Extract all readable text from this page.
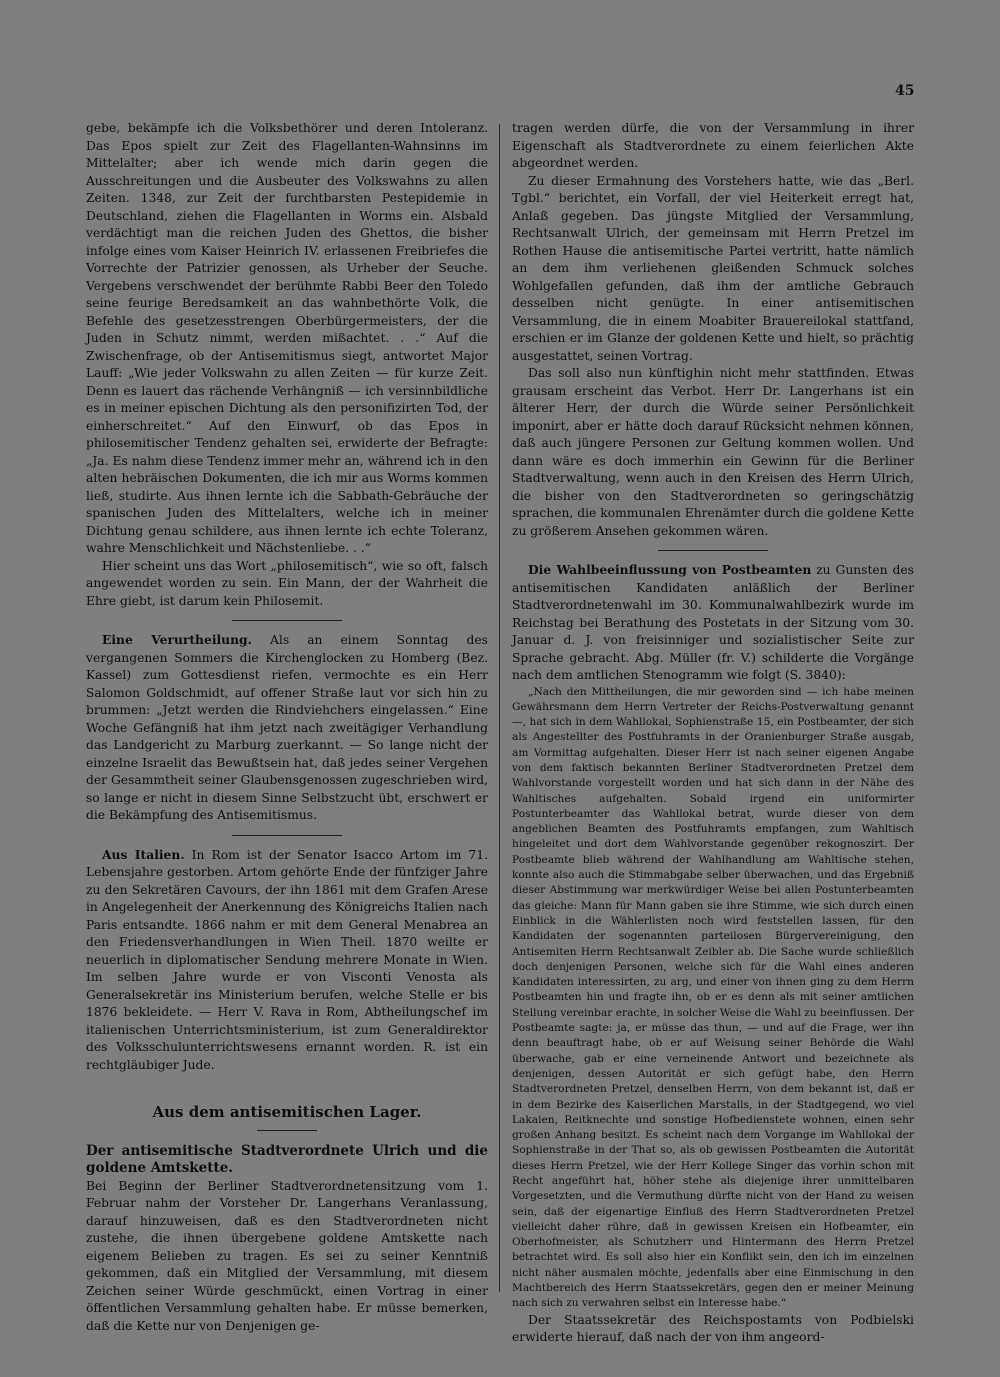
45

gebe, bekämpfe ich die Volksbethörer und deren Intoleranz. Das Epos spielt zur Zeit des Flagellanten-Wahnsinns im Mittelalter; aber ich wende mich darin gegen die Ausschreitungen und die Ausbeuter des Volkswahns zu allen Zeiten. 1348, zur Zeit der furchtbarsten Pestepidemie in Deutschland, ziehen die Flagellanten in Worms ein. Alsbald verdächtigt man die reichen Juden des Ghettos, die bisher infolge eines vom Kaiser Heinrich IV. erlassenen Freibriefes die Vorrechte der Patrizier genossen, als Urheber der Seuche. Vergebens verschwendet der berühmte Rabbi Beer den Toledo seine feurige Beredsamkeit an das wahnbethörte Volk, die Befehle des gesetzesstrengen Oberbürgermeisters, der die Juden in Schutz nimmt, werden mißachtet. . .“ Auf die Zwischenfrage, ob der Antisemitismus siegt, antwortet Major Lauff: „Wie jeder Volkswahn zu allen Zeiten — für kurze Zeit. Denn es lauert das rächende Verhängniß — ich versinnbildliche es in meiner epischen Dichtung als den personifizirten Tod, der einherschreitet.“ Auf den Einwurf, ob das Epos in philosemitischer Tendenz gehalten sei, erwiderte der Befragte: „Ja. Es nahm diese Tendenz immer mehr an, während ich in den alten hebräischen Dokumenten, die ich mir aus Worms kommen ließ, studirte. Aus ihnen lernte ich die Sabbath-Gebräuche der spanischen Juden des Mittelalters, welche ich in meiner Dichtung genau schildere, aus ihnen lernte ich echte Toleranz, wahre Menschlichkeit und Nächstenliebe. . .“

Hier scheint uns das Wort „philosemitisch“, wie so oft, falsch angewendet worden zu sein. Ein Mann, der der Wahrheit die Ehre giebt, ist darum kein Philosemit.

Eine Verurtheilung. Als an einem Sonntag des vergangenen Sommers die Kirchenglocken zu Homberg (Bez. Kassel) zum Gottesdienst riefen, vermochte es ein Herr Salomon Goldschmidt, auf offener Straße laut vor sich hin zu brummen: „Jetzt werden die Rindviehchers eingelassen.“ Eine Woche Gefängniß hat ihm jetzt nach zweitägiger Verhandlung das Landgericht zu Marburg zuerkannt. — So lange nicht der einzelne Israelit das Bewußtsein hat, daß jedes seiner Vergehen der Gesammtheit seiner Glaubensgenossen zugeschrieben wird, so lange er nicht in diesem Sinne Selbstzucht übt, erschwert er die Bekämpfung des Antisemitismus.

Aus Italien. In Rom ist der Senator Isacco Artom im 71. Lebensjahre gestorben. Artom gehörte Ende der fünfziger Jahre zu den Sekretären Cavours, der ihn 1861 mit dem Grafen Arese in Angelegenheit der Anerkennung des Königreichs Italien nach Paris entsandte. 1866 nahm er mit dem General Menabrea an den Friedensverhandlungen in Wien Theil. 1870 weilte er neuerlich in diplomatischer Sendung mehrere Monate in Wien. Im selben Jahre wurde er von Visconti Venosta als Generalsekretär ins Ministerium berufen, welche Stelle er bis 1876 bekleidete. — Herr V. Rava in Rom, Abtheilungschef im italienischen Unterrichtsministerium, ist zum Generaldirektor des Volksschulunterrichtswesens ernannt worden. R. ist ein rechtgläubiger Jude.

Aus dem antisemitischen Lager.

Der antisemitische Stadtverordnete Ulrich und die goldene Amtskette.

Bei Beginn der Berliner Stadtverordnetensitzung vom 1. Februar nahm der Vorsteher Dr. Langerhans Veranlassung, darauf hinzuweisen, daß es den Stadtverordneten nicht zustehe, die ihnen übergebene goldene Amtskette nach eigenem Belieben zu tragen. Es sei zu seiner Kenntniß gekommen, daß ein Mitglied der Versammlung, mit diesem Zeichen seiner Würde geschmückt, einen Vortrag in einer öffentlichen Versammlung gehalten habe. Er müsse bemerken, daß die Kette nur von Denjenigen ge-

tragen werden dürfe, die von der Versammlung in ihrer Eigenschaft als Stadtverordnete zu einem feierlichen Akte abgeordnet werden.

Zu dieser Ermahnung des Vorstehers hatte, wie das „Berl. Tgbl.“ berichtet, ein Vorfall, der viel Heiterkeit erregt hat, Anlaß gegeben. Das jüngste Mitglied der Versammlung, Rechtsanwalt Ulrich, der gemeinsam mit Herrn Pretzel im Rothen Hause die antisemitische Partei vertritt, hatte nämlich an dem ihm verliehenen gleißenden Schmuck solches Wohlgefallen gefunden, daß ihm der amtliche Gebrauch desselben nicht genügte. In einer antisemitischen Versammlung, die in einem Moabiter Brauereilokal stattfand, erschien er im Glanze der goldenen Kette und hielt, so prächtig ausgestattet, seinen Vortrag.

Das soll also nun künftighin nicht mehr stattfinden. Etwas grausam erscheint das Verbot. Herr Dr. Langerhans ist ein älterer Herr, der durch die Würde seiner Persönlichkeit imponirt, aber er hätte doch darauf Rücksicht nehmen können, daß auch jüngere Personen zur Geltung kommen wollen. Und dann wäre es doch immerhin ein Gewinn für die Berliner Stadtverwaltung, wenn auch in den Kreisen des Herrn Ulrich, die bisher von den Stadtverordneten so geringschätzig sprachen, die kommunalen Ehrenämter durch die goldene Kette zu größerem Ansehen gekommen wären.

Die Wahlbeeinflussung von Postbeamten zu Gunsten des antisemitischen Kandidaten anläßlich der Berliner Stadtverordnetenwahl im 30. Kommunalwahlbezirk wurde im Reichstag bei Berathung des Postetats in der Sitzung vom 30. Januar d. J. von freisinniger und sozialistischer Seite zur Sprache gebracht. Abg. Müller (fr. V.) schilderte die Vorgänge nach dem amtlichen Stenogramm wie folgt (S. 3840):

„Nach den Mittheilungen, die mir geworden sind — ich habe meinen Gewährsmann dem Herrn Vertreter der Reichs-Postverwaltung genannt —, hat sich in dem Wahllokal, Sophienstraße 15, ein Postbeamter, der sich als Angestellter des Postfuhramts in der Oranienburger Straße ausgab, am Vormittag aufgehalten. Dieser Herr ist nach seiner eigenen Angabe von dem faktisch bekannten Berliner Stadtverordneten Pretzel dem Wahlvorstande vorgestellt worden und hat sich dann in der Nähe des Wahltisches aufgehalten. Sobald irgend ein uniformirter Postunterbeamter das Wahllokal betrat, wurde dieser von dem angeblichen Beamten des Postfuhramts empfangen, zum Wahltisch hingeleitet und dort dem Wahlvorstande gegenüber rekognoszirt. Der Postbeamte blieb während der Wahlhandlung am Wahltische stehen, konnte also auch die Stimmabgabe selber überwachen, und das Ergebniß dieser Abstimmung war merkwürdiger Weise bei allen Postunterbeamten das gleiche: Mann für Mann gaben sie ihre Stimme, wie sich durch einen Einblick in die Wählerlisten noch wird feststellen lassen, für den Kandidaten der sogenannten parteilosen Bürgervereinigung, den Antisemiten Herrn Rechtsanwalt Zeibler ab. Die Sache wurde schließlich doch denjenigen Personen, welche sich für die Wahl eines anderen Kandidaten interessirten, zu arg, und einer von ihnen ging zu dem Herrn Postbeamten hin und fragte ihn, ob er es denn als mit seiner amtlichen Stellung vereinbar erachte, in solcher Weise die Wahl zu beeinflussen. Der Postbeamte sagte: ja, er müsse das thun, — und auf die Frage, wer ihn denn beauftragt habe, ob er auf Weisung seiner Behörde die Wahl überwache, gab er eine verneinende Antwort und bezeichnete als denjenigen, dessen Autorität er sich gefügt habe, den Herrn Stadtverordneten Pretzel, denselben Herrn, von dem bekannt ist, daß er in dem Bezirke des Kaiserlichen Marstalls, in der Stadtgegend, wo viel Lakaien, Reitknechte und sonstige Hofbedienstete wohnen, einen sehr großen Anhang besitzt. Es scheint nach dem Vorgange im Wahllokal der Sophienstraße in der That so, als ob gewissen Postbeamten die Autorität dieses Herrn Pretzel, wie der Herr Kollege Singer das vorhin schon mit Recht angeführt hat, höher stehe als diejenige ihrer unmittelbaren Vorgesetzten, und die Vermuthung dürfte nicht von der Hand zu weisen sein, daß der eigenartige Einfluß des Herrn Stadtverordneten Pretzel vielleicht daher rühre, daß in gewissen Kreisen ein Hofbeamter, ein Oberhofmeister, als Schutzherr und Hintermann des Herrn Pretzel betrachtet wird. Es soll also hier ein Konflikt sein, den ich im einzelnen nicht näher ausmalen möchte, jedenfalls aber eine Einmischung in den Machtbereich des Herrn Staatssekretärs, gegen den er meiner Meinung nach sich zu verwahren selbst ein Interesse habe.“

Der Staatssekretär des Reichspostamts von Podbielski erwiderte hierauf, daß nach der von ihm angeord-
